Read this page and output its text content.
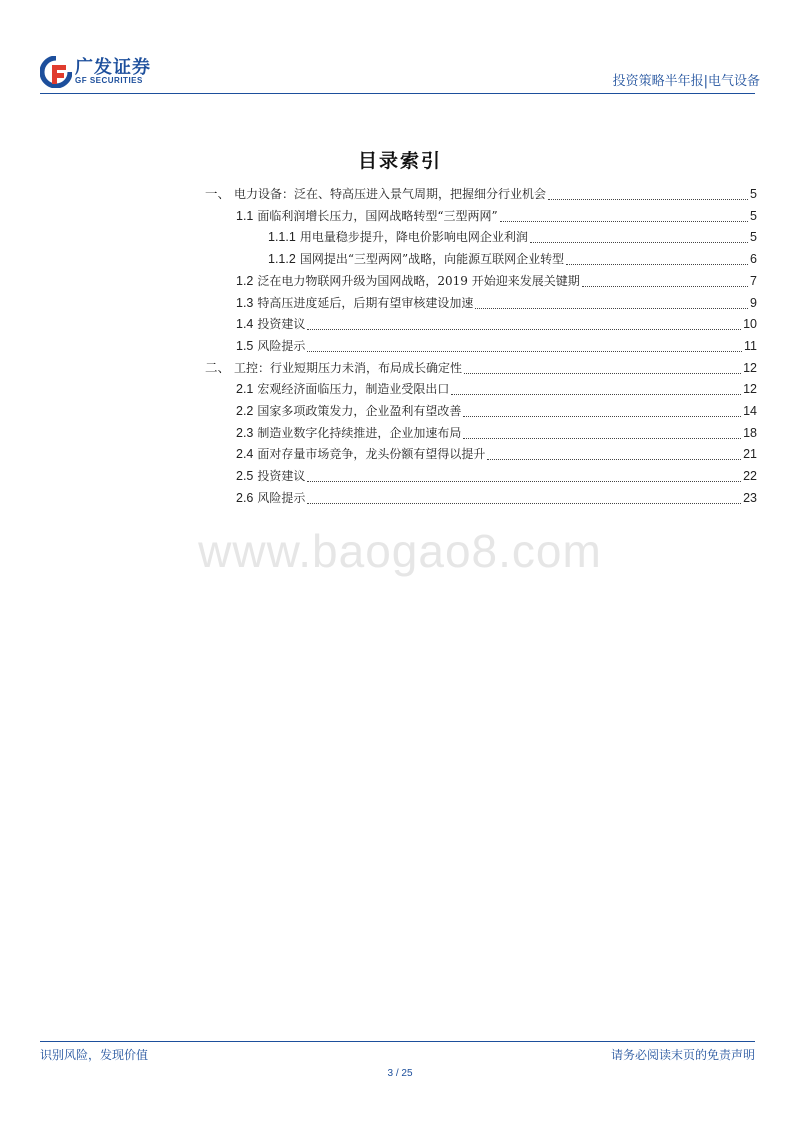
广发证券
GF SECURITIES	投资策略半年报|电气设备
目录索引
一、 电力设备：泛在、特高压进入景气周期，把握细分行业机会	5
1.1 面临利润增长压力，国网战略转型“三型两网”	5
1.1.1 用电量稳步提升，降电价影响电网企业利润	5
1.1.2 国网提出“三型两网”战略，向能源互联网企业转型	6
1.2 泛在电力物联网升级为国网战略，2019 开始迎来发展关键期	7
1.3 特高压进度延后，后期有望审核建设加速	9
1.4 投资建议	10
1.5 风险提示	11
二、 工控：行业短期压力未消，布局成长确定性	12
2.1 宏观经济面临压力，制造业受限出口	12
2.2 国家多项政策发力，企业盈利有望改善	14
2.3 制造业数字化持续推进，企业加速布局	18
2.4 面对存量市场竞争，龙头份额有望得以提升	21
2.5 投资建议	22
2.6 风险提示	23
www.baogao8.com
识别风险，发现价值	请务必阅读末页的免责声明
3 / 25
